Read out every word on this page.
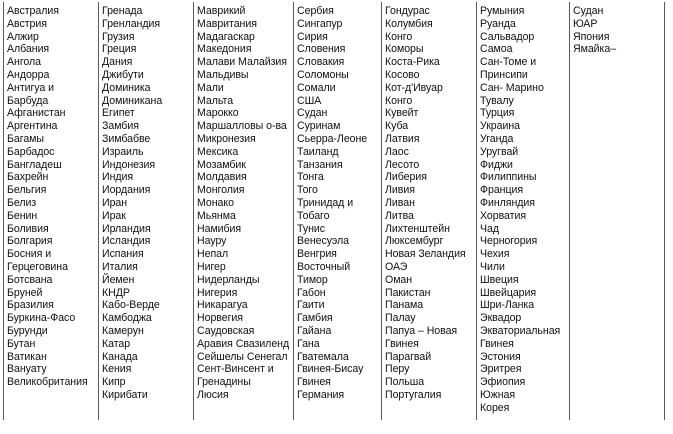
Австралия
Австрия
Алжир
Албания
Ангола
Андорра
Антигуа и
Барбуда
Афганистан
Аргентина
Багамы
Барбадос
Бангладеш
Бахрейн
Бельгия
Белиз
Бенин
Боливия
Болгария
Босния и
Герцеговина
Ботсвана
Бруней
Бразилия
Буркина-Фасо
Бурунди
Бутан
Ватикан
Вануату
Великобритания
Гренада
Гренландия
Грузия
Греция
Дания
Джибути
Доминика
Доминикана
Египет
Замбия
Зимбабве
Израиль
Индонезия
Индия
Иордания
Иран
Ирак
Ирландия
Исландия
Испания
Италия
Йемен
КНДР
Кабо-Верде
Камбоджа
Камерун
Катар
Канада
Кения
Кипр
Кирибати
Маврикий
Мавритания
Мадагаскар
Македония
Малави Малайзия
Мальдивы
Мали
Мальта
Марокко
Маршалловы о-ва
Микронезия
Мексика
Мозамбик
Молдавия
Монголия
Монако
Мьянма
Намибия
Науру
Непал
Нигер
Нидерланды
Нигерия
Никарагуа
Норвегия
Саудовская
Аравия Свазиленд
Сейшелы Сенегал
Сент-Винсент и
Гренадины
Люсия
Сербия
Сингапур
Сирия
Словения
Словакия
Соломоны
Сомали
США
Судан
Суринам
Сьерра-Леоне
Таиланд
Танзания
Тонга
Того
Тринидад и
Тобаго
Тунис
Венесуэла
Венгрия
Восточный
Тимор
Габон
Гаити
Гамбия
Гайана
Гана
Гватемала
Гвинея-Бисау
Гвинея
Германия
Гондурас
Колумбия
Конго
Коморы
Коста-Рика
Косово
Кот-д'Ивуар
Конго
Кувейт
Куба
Латвия
Лаос
Лесото
Либерия
Ливия
Ливан
Литва
Лихтенштейн
Люксембург
Новая Зеландия
ОАЭ
Оман
Пакистан
Панама
Палау
Папуа – Новая
Гвинея
Парагвай
Перу
Польша
Португалия
Румыния
Руанда
Сальвадор
Самоа
Сан-Томе и
Принсипи
Сан- Марино
Тувалу
Турция
Украина
Уганда
Уругвай
Фиджи
Филиппины
Франция
Финляндия
Хорватия
Чад
Черногория
Чехия
Чили
Швеция
Швейцария
Шри-Ланка
Эквадор
Экваториальная
Гвинея
Эстония
Эритрея
Эфиопия
Южная
Корея
Судан
ЮАР
Япония
Ямайка–
